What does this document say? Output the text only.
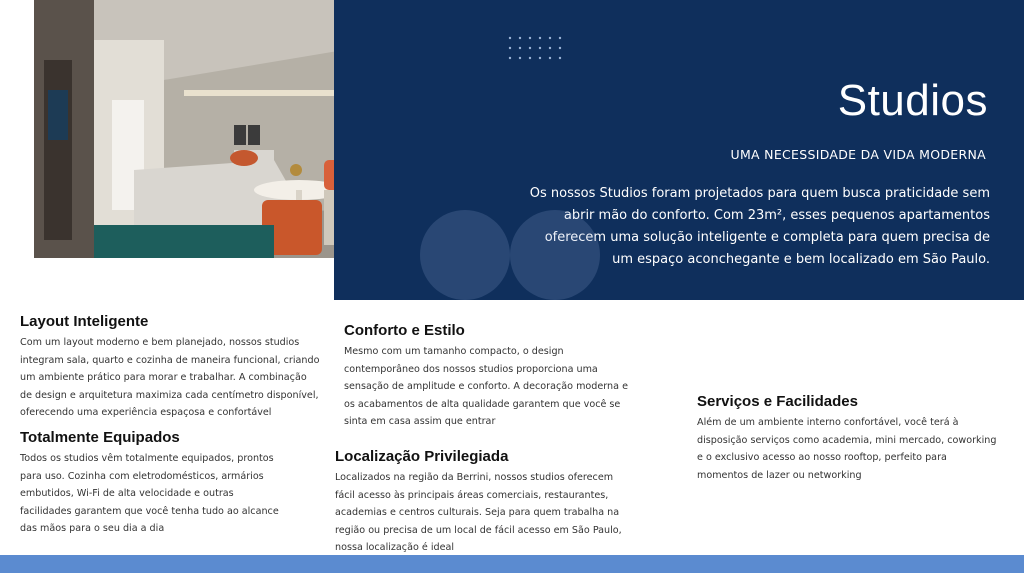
Studios
UMA NECESSIDADE DA VIDA MODERNA
Os nossos Studios foram projetados para quem busca praticidade sem abrir mão do conforto. Com 23m², esses pequenos apartamentos oferecem uma solução inteligente e completa para quem precisa de um espaço aconchegante e bem localizado em São Paulo.
Layout Inteligente

Com um layout moderno e bem planejado, nossos studios integram sala, quarto e cozinha de maneira funcional, criando um ambiente prático para morar e trabalhar. A combinação de design e arquitetura maximiza cada centímetro disponível, oferecendo uma experiência espaçosa e confortável

Totalmente Equipados

Todos os studios vêm totalmente equipados, prontos para uso. Cozinha com eletrodomésticos, armários embutidos, Wi-Fi de alta velocidade e outras facilidades garantem que você tenha tudo ao alcance das mãos para o seu dia a dia

Conforto e Estilo

Mesmo com um tamanho compacto, o design contemporâneo dos nossos studios proporciona uma sensação de amplitude e conforto. A decoração moderna e os acabamentos de alta qualidade garantem que você se sinta em casa assim que entrar

Localização Privilegiada

Localizados na região da Berrini, nossos studios oferecem fácil acesso às principais áreas comerciais, restaurantes, academias e centros culturais. Seja para quem trabalha na região ou precisa de um local de fácil acesso em São Paulo, nossa localização é ideal

Serviços e Facilidades

Além de um ambiente interno confortável, você terá à disposição serviços como academia, mini mercado, coworking e o exclusivo acesso ao nosso rooftop, perfeito para momentos de lazer ou networking
